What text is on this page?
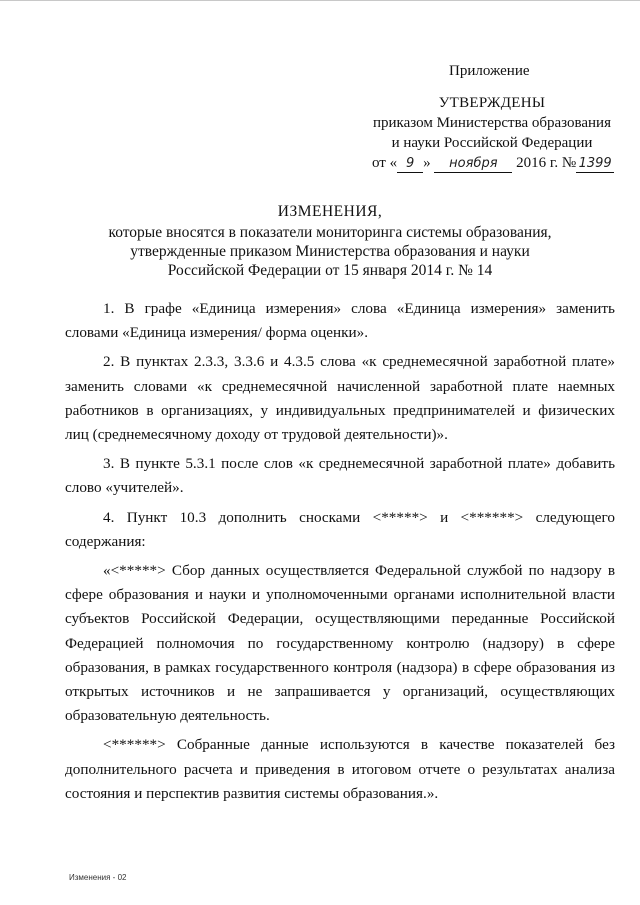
Приложение
УТВЕРЖДЕНЫ
приказом Министерства образования
и науки Российской Федерации
от « 9 » ноября 2016 г. № 1399
ИЗМЕНЕНИЯ,
которые вносятся в показатели мониторинга системы образования,
утвержденные приказом Министерства образования и науки
Российской Федерации от 15 января 2014 г. № 14

1. В графе «Единица измерения» слова «Единица измерения» заменить словами «Единица измерения/ форма оценки».

2. В пунктах 2.3.3, 3.3.6 и 4.3.5 слова «к среднемесячной заработной плате» заменить словами «к среднемесячной начисленной заработной плате наемных работников в организациях, у индивидуальных предпринимателей и физических лиц (среднемесячному доходу от трудовой деятельности)».

3. В пункте 5.3.1 после слов «к среднемесячной заработной плате» добавить слово «учителей».

4. Пункт 10.3 дополнить сносками <*****> и <******> следующего содержания:

«<*****> Сбор данных осуществляется Федеральной службой по надзору в сфере образования и науки и уполномоченными органами исполнительной власти субъектов Российской Федерации, осуществляющими переданные Российской Федерацией полномочия по государственному контролю (надзору) в сфере образования, в рамках государственного контроля (надзора) в сфере образования из открытых источников и не запрашивается у организаций, осуществляющих образовательную деятельность.

<******> Собранные данные используются в качестве показателей без дополнительного расчета и приведения в итоговом отчете о результатах анализа состояния и перспектив развития системы образования.».

Изменения - 02
